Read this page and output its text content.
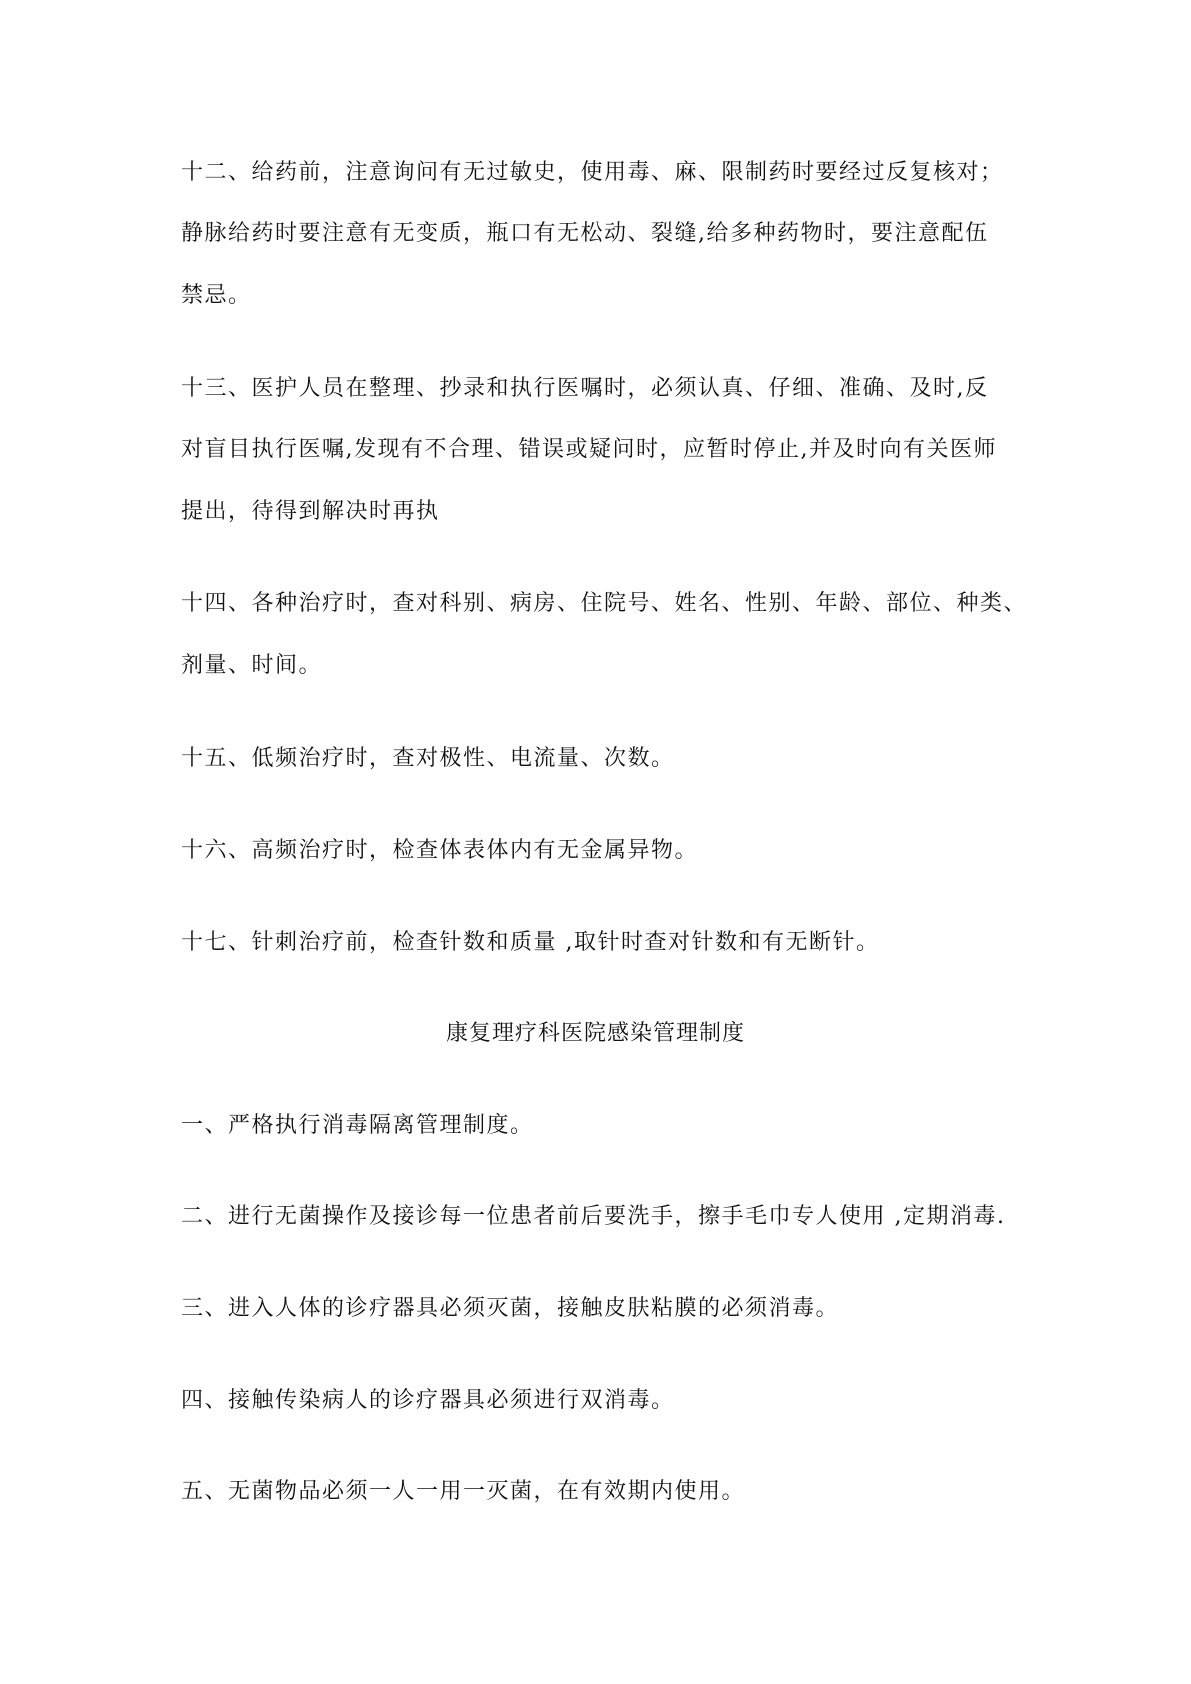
十二、给药前，注意询问有无过敏史，使用毒、麻、限制药时要经过反复核对；
静脉给药时要注意有无变质，瓶口有无松动、裂缝,给多种药物时，要注意配伍
禁忌。
十三、医护人员在整理、抄录和执行医嘱时，必须认真、仔细、准确、及时,反
对盲目执行医嘱,发现有不合理、错误或疑问时，应暂时停止,并及时向有关医师
提出，待得到解决时再执
十四、各种治疗时，查对科别、病房、住院号、姓名、性别、年龄、部位、种类、
剂量、时间。
十五、低频治疗时，查对极性、电流量、次数。
十六、高频治疗时，检查体表体内有无金属异物。
十七、针刺治疗前，检查针数和质量 ,取针时查对针数和有无断针。
康复理疗科医院感染管理制度
一、严格执行消毒隔离管理制度。
二、进行无菌操作及接诊每一位患者前后要洗手，擦手毛巾专人使用 ,定期消毒.
三、进入人体的诊疗器具必须灭菌，接触皮肤粘膜的必须消毒。
四、接触传染病人的诊疗器具必须进行双消毒。
五、无菌物品必须一人一用一灭菌，在有效期内使用。
